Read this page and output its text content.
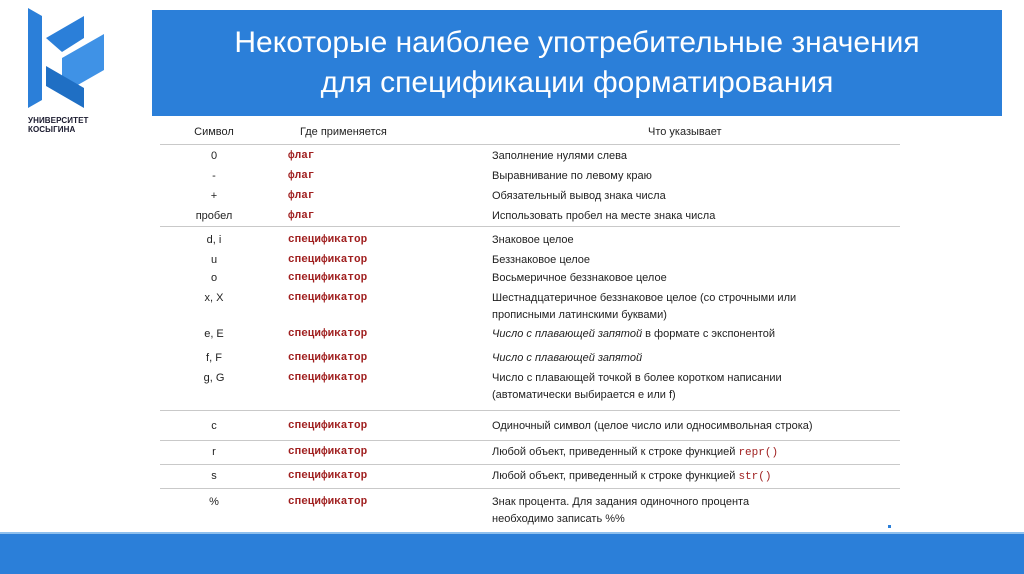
УНИВЕРСИТЕТ
КОСЫГИНА
Некоторые наиболее употребительные значения
для спецификации форматирования
Символ	Где применяется	Что указывает
0	флаг	Заполнение нулями слева
-	флаг	Выравнивание по левому краю
+	флаг	Обязательный вывод знака числа
пробел	флаг	Использовать пробел на месте знака числа
d, i	спецификатор	Знаковое целое
u	спецификатор	Беззнаковое целое
o	спецификатор	Восьмеричное беззнаковое целое
x, X	спецификатор	Шестнадцатеричное беззнаковое целое (со строчными или
прописными латинскими буквами)
e, E	спецификатор	Число с плавающей запятой в формате с экспонентой
f, F	спецификатор	Число с плавающей запятой
g, G	спецификатор	Число с плавающей точкой в более коротком написании
(автоматически выбирается e или f)
c	спецификатор	Одиночный символ (целое число или односимвольная строка)
r	спецификатор	Любой объект, приведенный к строке функцией repr()
s	спецификатор	Любой объект, приведенный к строке функцией str()
%	спецификатор	Знак процента. Для задания одиночного процента
необходимо записать %%
